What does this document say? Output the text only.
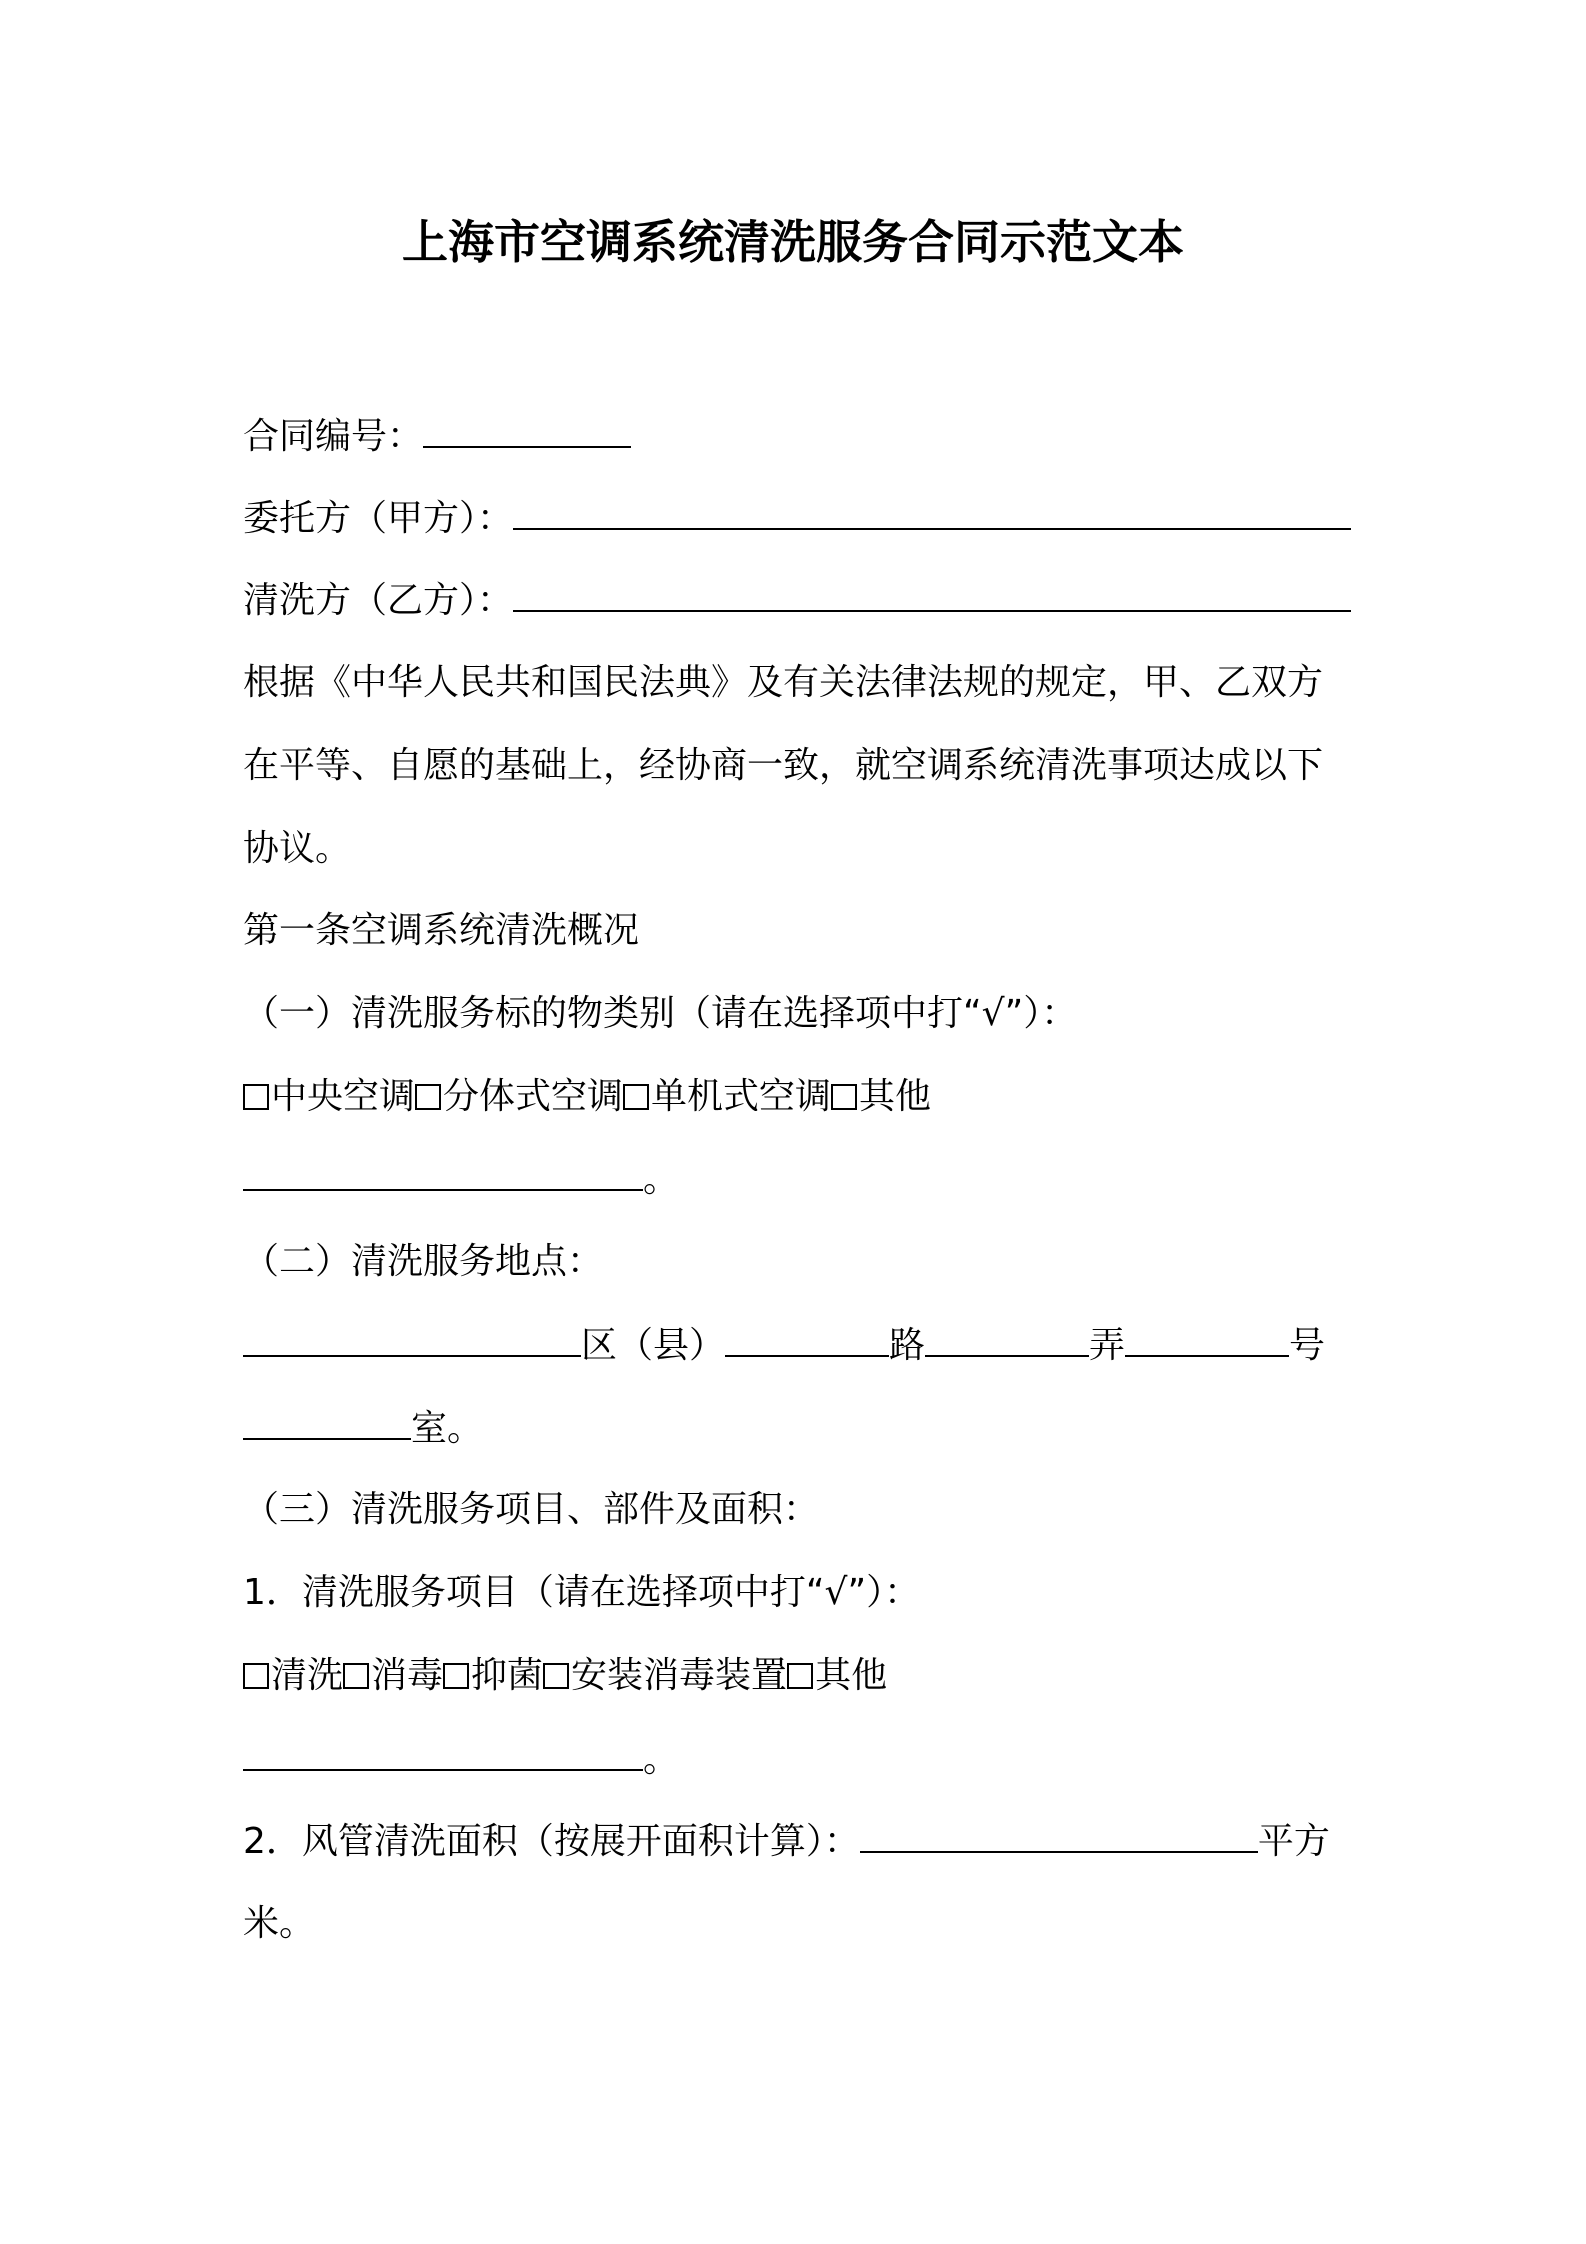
上海市空调系统清洗服务合同示范文本
合同编号：
委托方（甲方）：
清洗方（乙方）：
根据《中华人民共和国民法典》及有关法律法规的规定，甲、乙双方
在平等、自愿的基础上，经协商一致，就空调系统清洗事项达成以下
协议。
第一条空调系统清洗概况
（一）清洗服务标的物类别（请在选择项中打“√”）：
中央空调 分体式空调 单机式空调 其他
。
（二）清洗服务地点：
区（县）	路	弄	号
室。
（三）清洗服务项目、部件及面积：
1．清洗服务项目（请在选择项中打“√”）：
清洗 消毒 抑菌 安装消毒装置 其他
。
2．风管清洗面积（按展开面积计算）：	平方
米。
